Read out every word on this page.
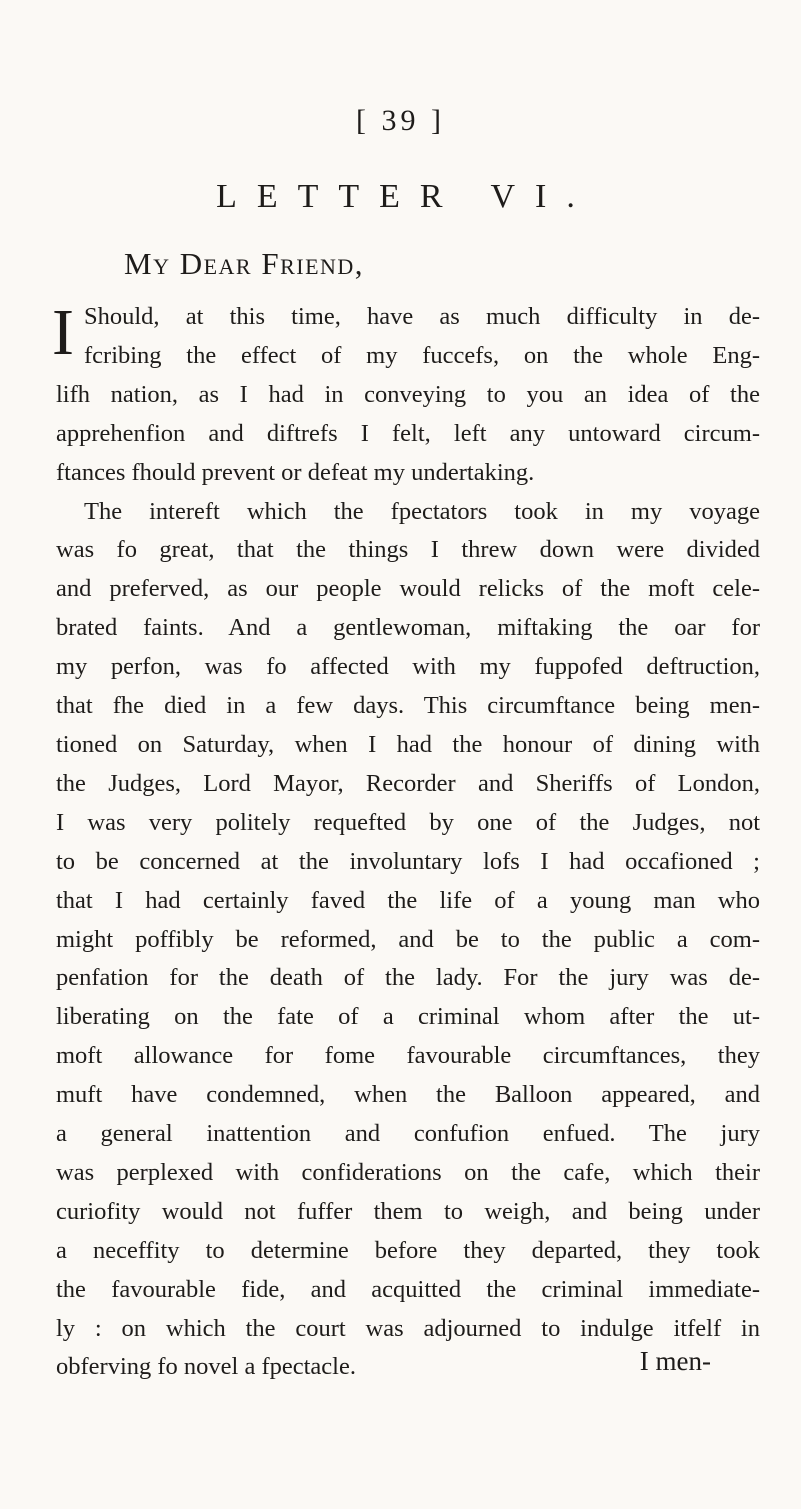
[ 39 ]
LETTER VI.
My Dear Friend,
I Should, at this time, have as much difficulty in de-
fcribing the effect of my fuccefs, on the whole Eng-
lifh nation, as I had in conveying to you an idea of the
apprehenfion and diftrefs I felt, left any untoward circum-
ftances fhould prevent or defeat my undertaking.
The intereft which the fpectators took in my voyage
was fo great, that the things I threw down were divided
and preferved, as our people would relicks of the moft cele-
brated faints. And a gentlewoman, miftaking the oar for
my perfon, was fo affected with my fuppofed deftruction,
that fhe died in a few days. This circumftance being men-
tioned on Saturday, when I had the honour of dining with
the Judges, Lord Mayor, Recorder and Sheriffs of London,
I was very politely requefted by one of the Judges, not
to be concerned at the involuntary lofs I had occafioned ;
that I had certainly faved the life of a young man who
might poffibly be reformed, and be to the public a com-
penfation for the death of the lady. For the jury was de-
liberating on the fate of a criminal whom after the ut-
moft allowance for fome favourable circumftances, they
muft have condemned, when the Balloon appeared, and
a general inattention and confufion enfued. The jury
was perplexed with confiderations on the cafe, which their
curiofity would not fuffer them to weigh, and being under
a neceffity to determine before they departed, they took
the favourable fide, and acquitted the criminal immediate-
ly : on which the court was adjourned to indulge itfelf in
obferving fo novel a fpectacle.	I men-
